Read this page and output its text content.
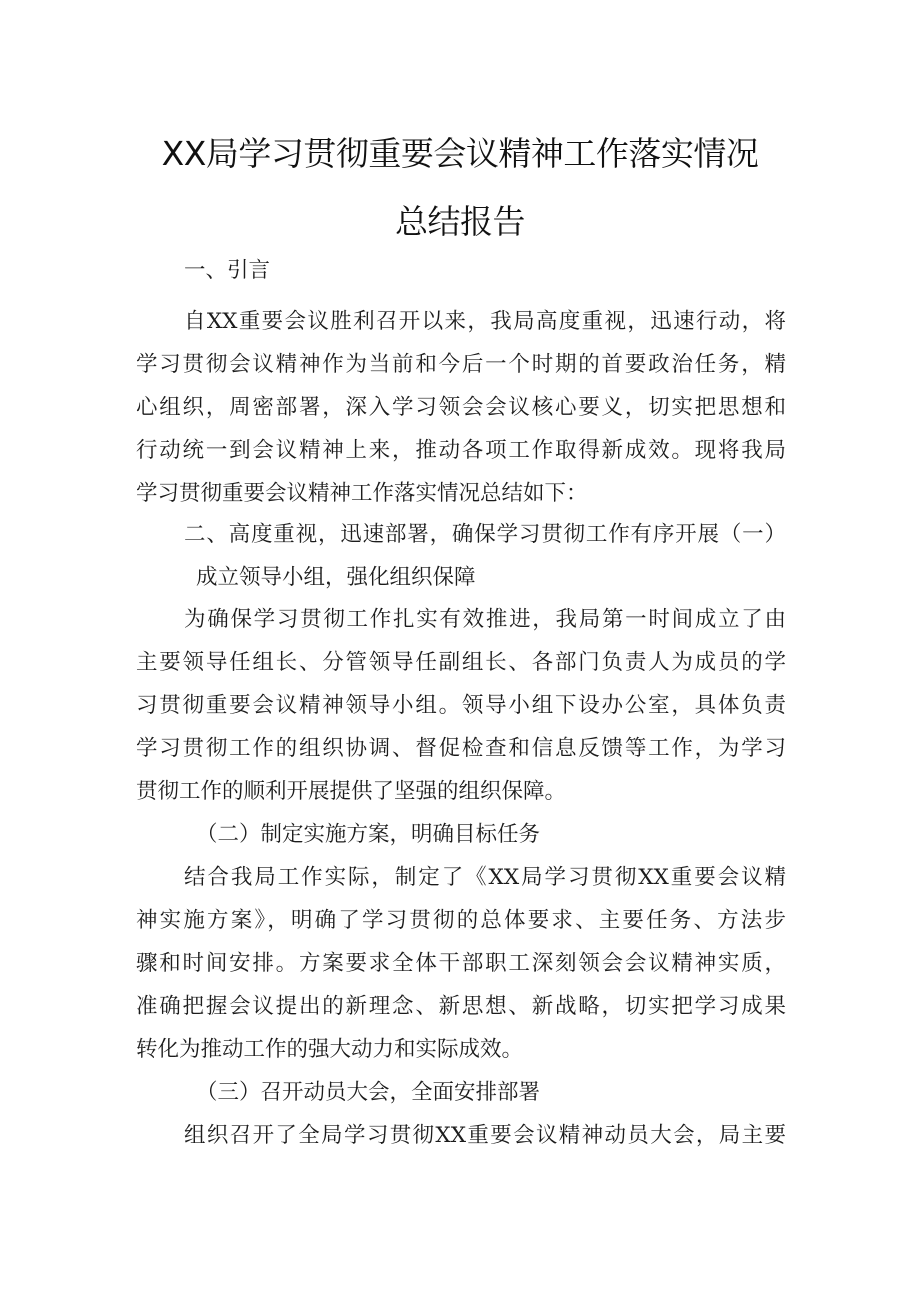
XX局学习贯彻重要会议精神工作落实情况
总结报告
一、引言
自XX重要会议胜利召开以来，我局高度重视，迅速行动，将
学习贯彻会议精神作为当前和今后一个时期的首要政治任务，精
心组织，周密部署，深入学习领会会议核心要义，切实把思想和
行动统一到会议精神上来，推动各项工作取得新成效。现将我局
学习贯彻重要会议精神工作落实情况总结如下：
二、高度重视，迅速部署，确保学习贯彻工作有序开展（一）
成立领导小组，强化组织保障
为确保学习贯彻工作扎实有效推进，我局第一时间成立了由
主要领导任组长、分管领导任副组长、各部门负责人为成员的学
习贯彻重要会议精神领导小组。领导小组下设办公室，具体负责
学习贯彻工作的组织协调、督促检查和信息反馈等工作，为学习
贯彻工作的顺利开展提供了坚强的组织保障。
（二）制定实施方案，明确目标任务
结合我局工作实际，制定了《XX局学习贯彻XX重要会议精
神实施方案》，明确了学习贯彻的总体要求、主要任务、方法步
骤和时间安排。方案要求全体干部职工深刻领会会议精神实质，
准确把握会议提出的新理念、新思想、新战略，切实把学习成果
转化为推动工作的强大动力和实际成效。
（三）召开动员大会，全面安排部署
组织召开了全局学习贯彻XX重要会议精神动员大会，局主要
